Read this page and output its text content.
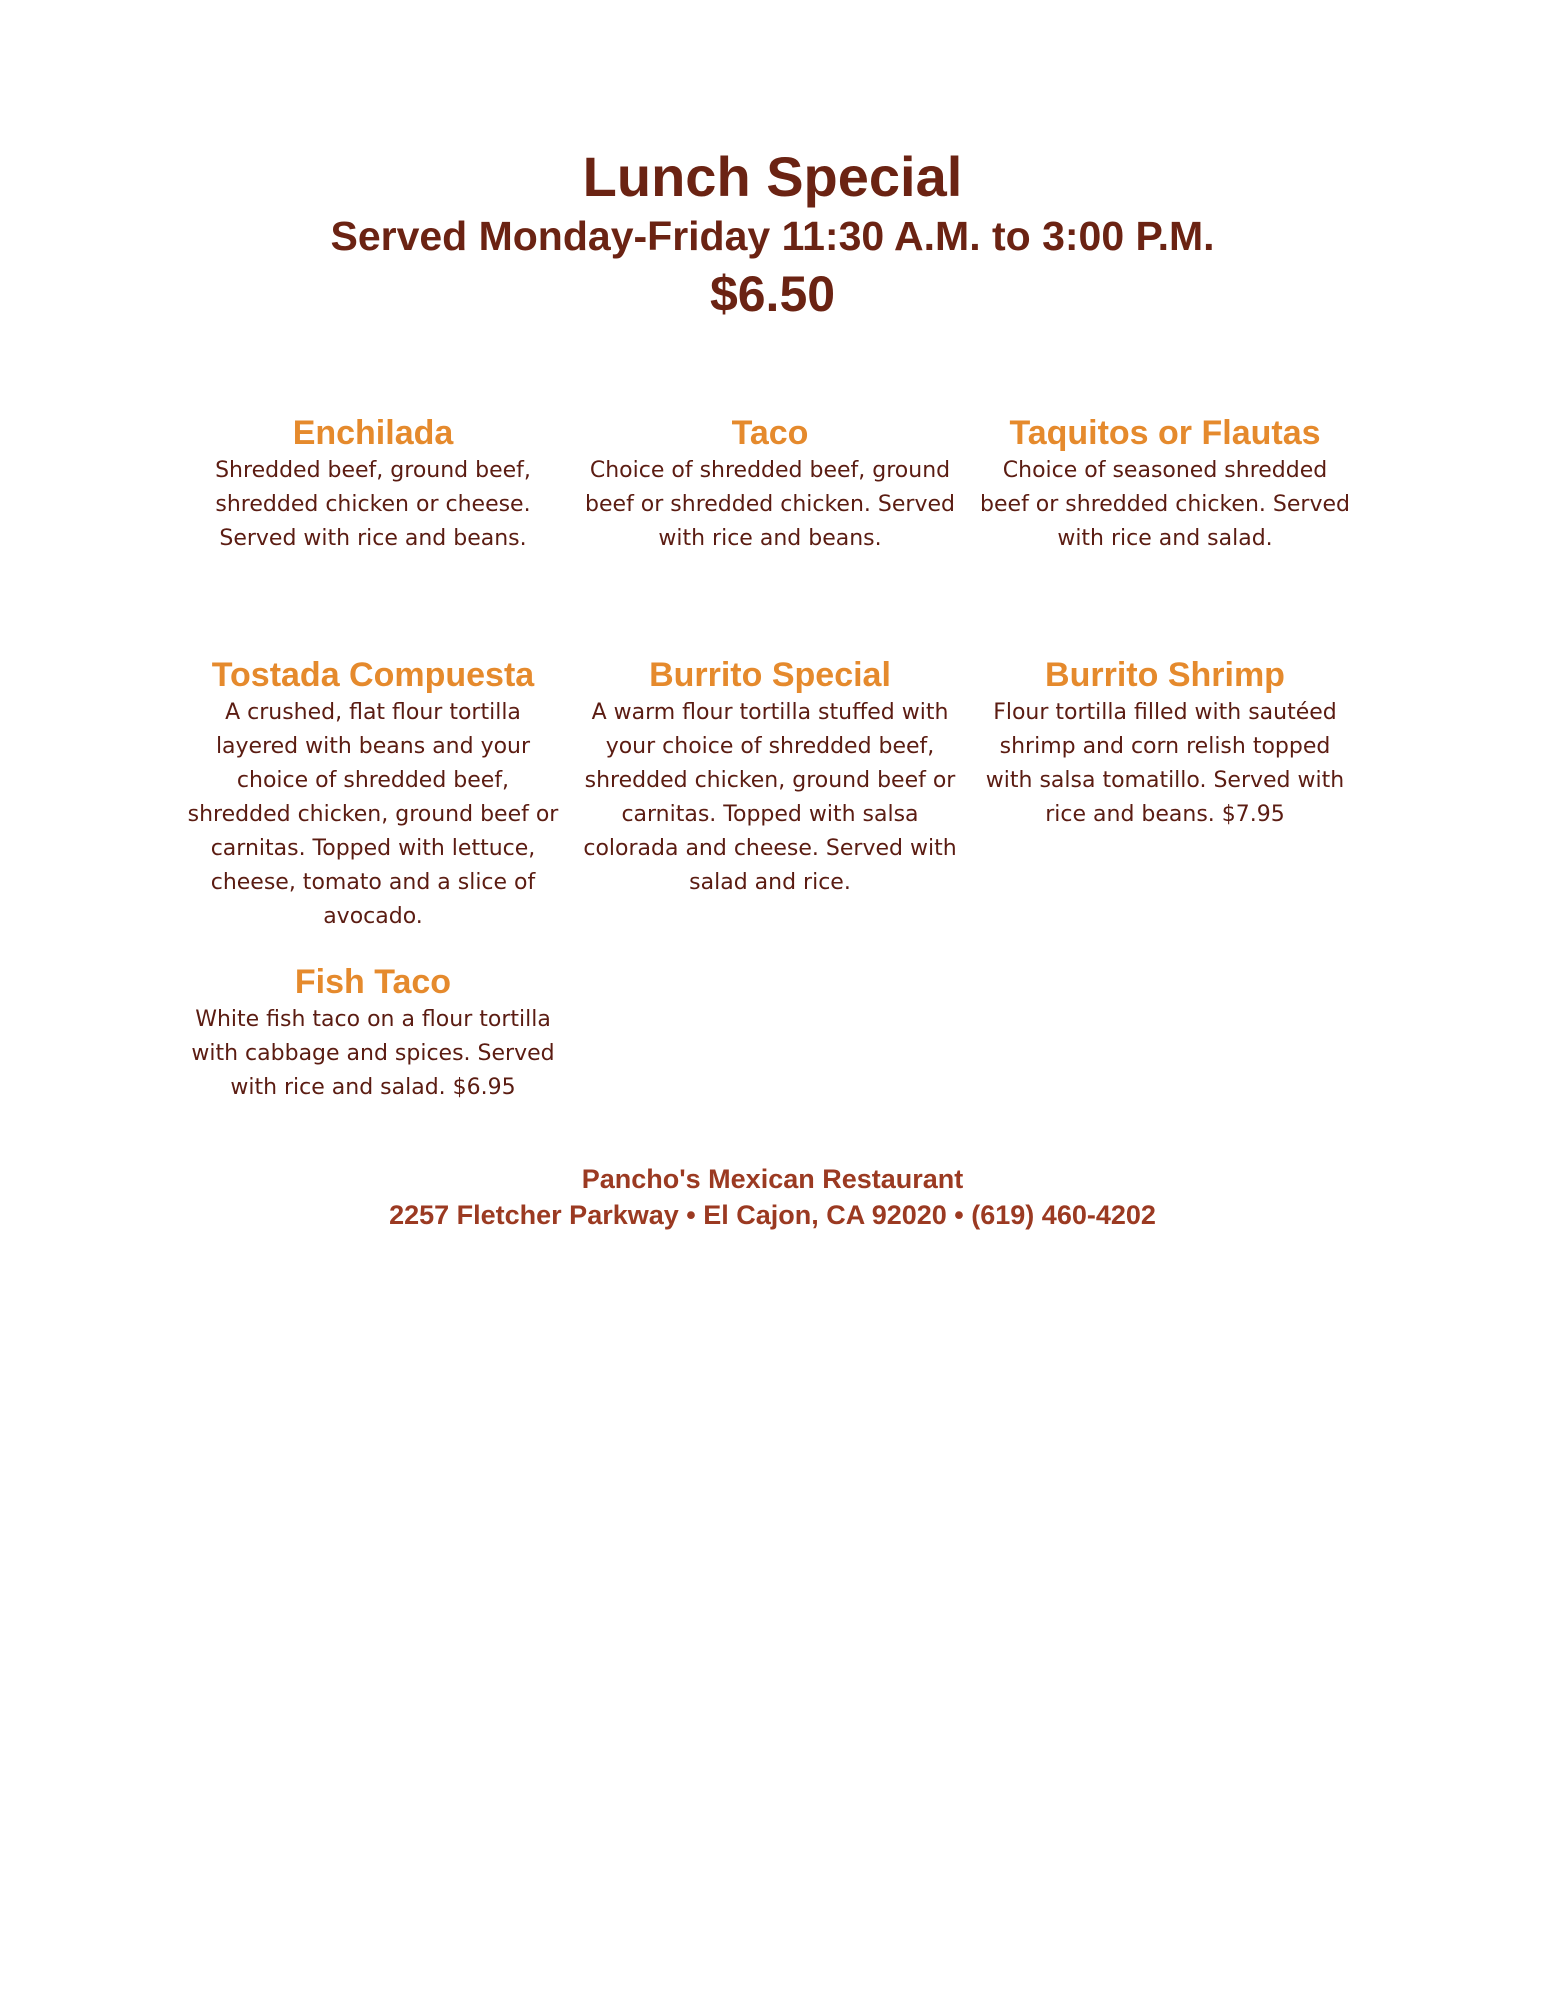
Lunch Special
Served Monday-Friday 11:30 A.M. to 3:00 P.M.
$6.50
Enchilada

Shredded beef, ground beef, shredded chicken or cheese. Served with rice and beans.

Taco

Choice of shredded beef, ground beef or shredded chicken. Served with rice and beans.

Taquitos or Flautas

Choice of seasoned shredded beef or shredded chicken. Served with rice and salad.

Tostada Compuesta

A crushed, flat flour tortilla layered with beans and your choice of shredded beef, shredded chicken, ground beef or carnitas. Topped with lettuce, cheese, tomato and a slice of avocado.

Burrito Special

A warm flour tortilla stuffed with your choice of shredded beef, shredded chicken, ground beef or carnitas. Topped with salsa colorada and cheese. Served with salad and rice.

Burrito Shrimp

Flour tortilla filled with sautéed shrimp and corn relish topped with salsa tomatillo. Served with rice and beans. $7.95

Fish Taco

White fish taco on a flour tortilla with cabbage and spices. Served with rice and salad. $6.95

Pancho's Mexican Restaurant
2257 Fletcher Parkway • El Cajon, CA 92020 • (619) 460-4202
